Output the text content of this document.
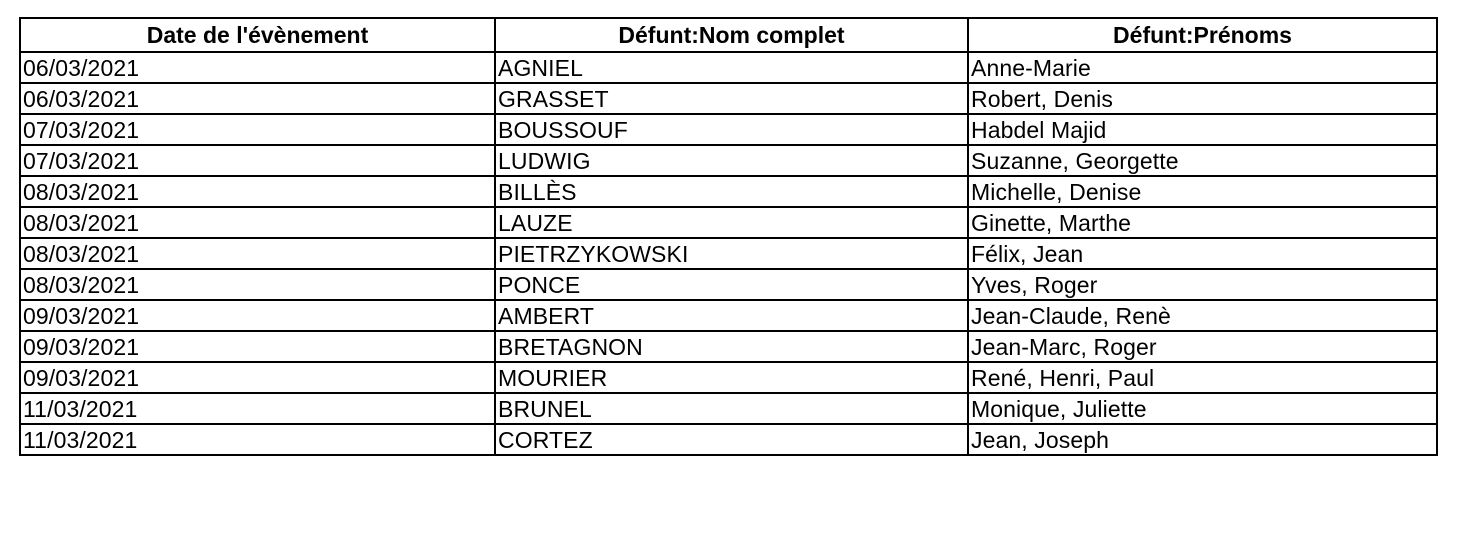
Date de l'évènement	Défunt:Nom complet	Défunt:Prénoms
06/03/2021	AGNIEL	Anne-Marie
06/03/2021	GRASSET	Robert, Denis
07/03/2021	BOUSSOUF	Habdel Majid
07/03/2021	LUDWIG	Suzanne, Georgette
08/03/2021	BILLÈS	Michelle, Denise
08/03/2021	LAUZE	Ginette, Marthe
08/03/2021	PIETRZYKOWSKI	Félix, Jean
08/03/2021	PONCE	Yves, Roger
09/03/2021	AMBERT	Jean-Claude, Renè
09/03/2021	BRETAGNON	Jean-Marc, Roger
09/03/2021	MOURIER	René, Henri, Paul
11/03/2021	BRUNEL	Monique, Juliette
11/03/2021	CORTEZ	Jean, Joseph
